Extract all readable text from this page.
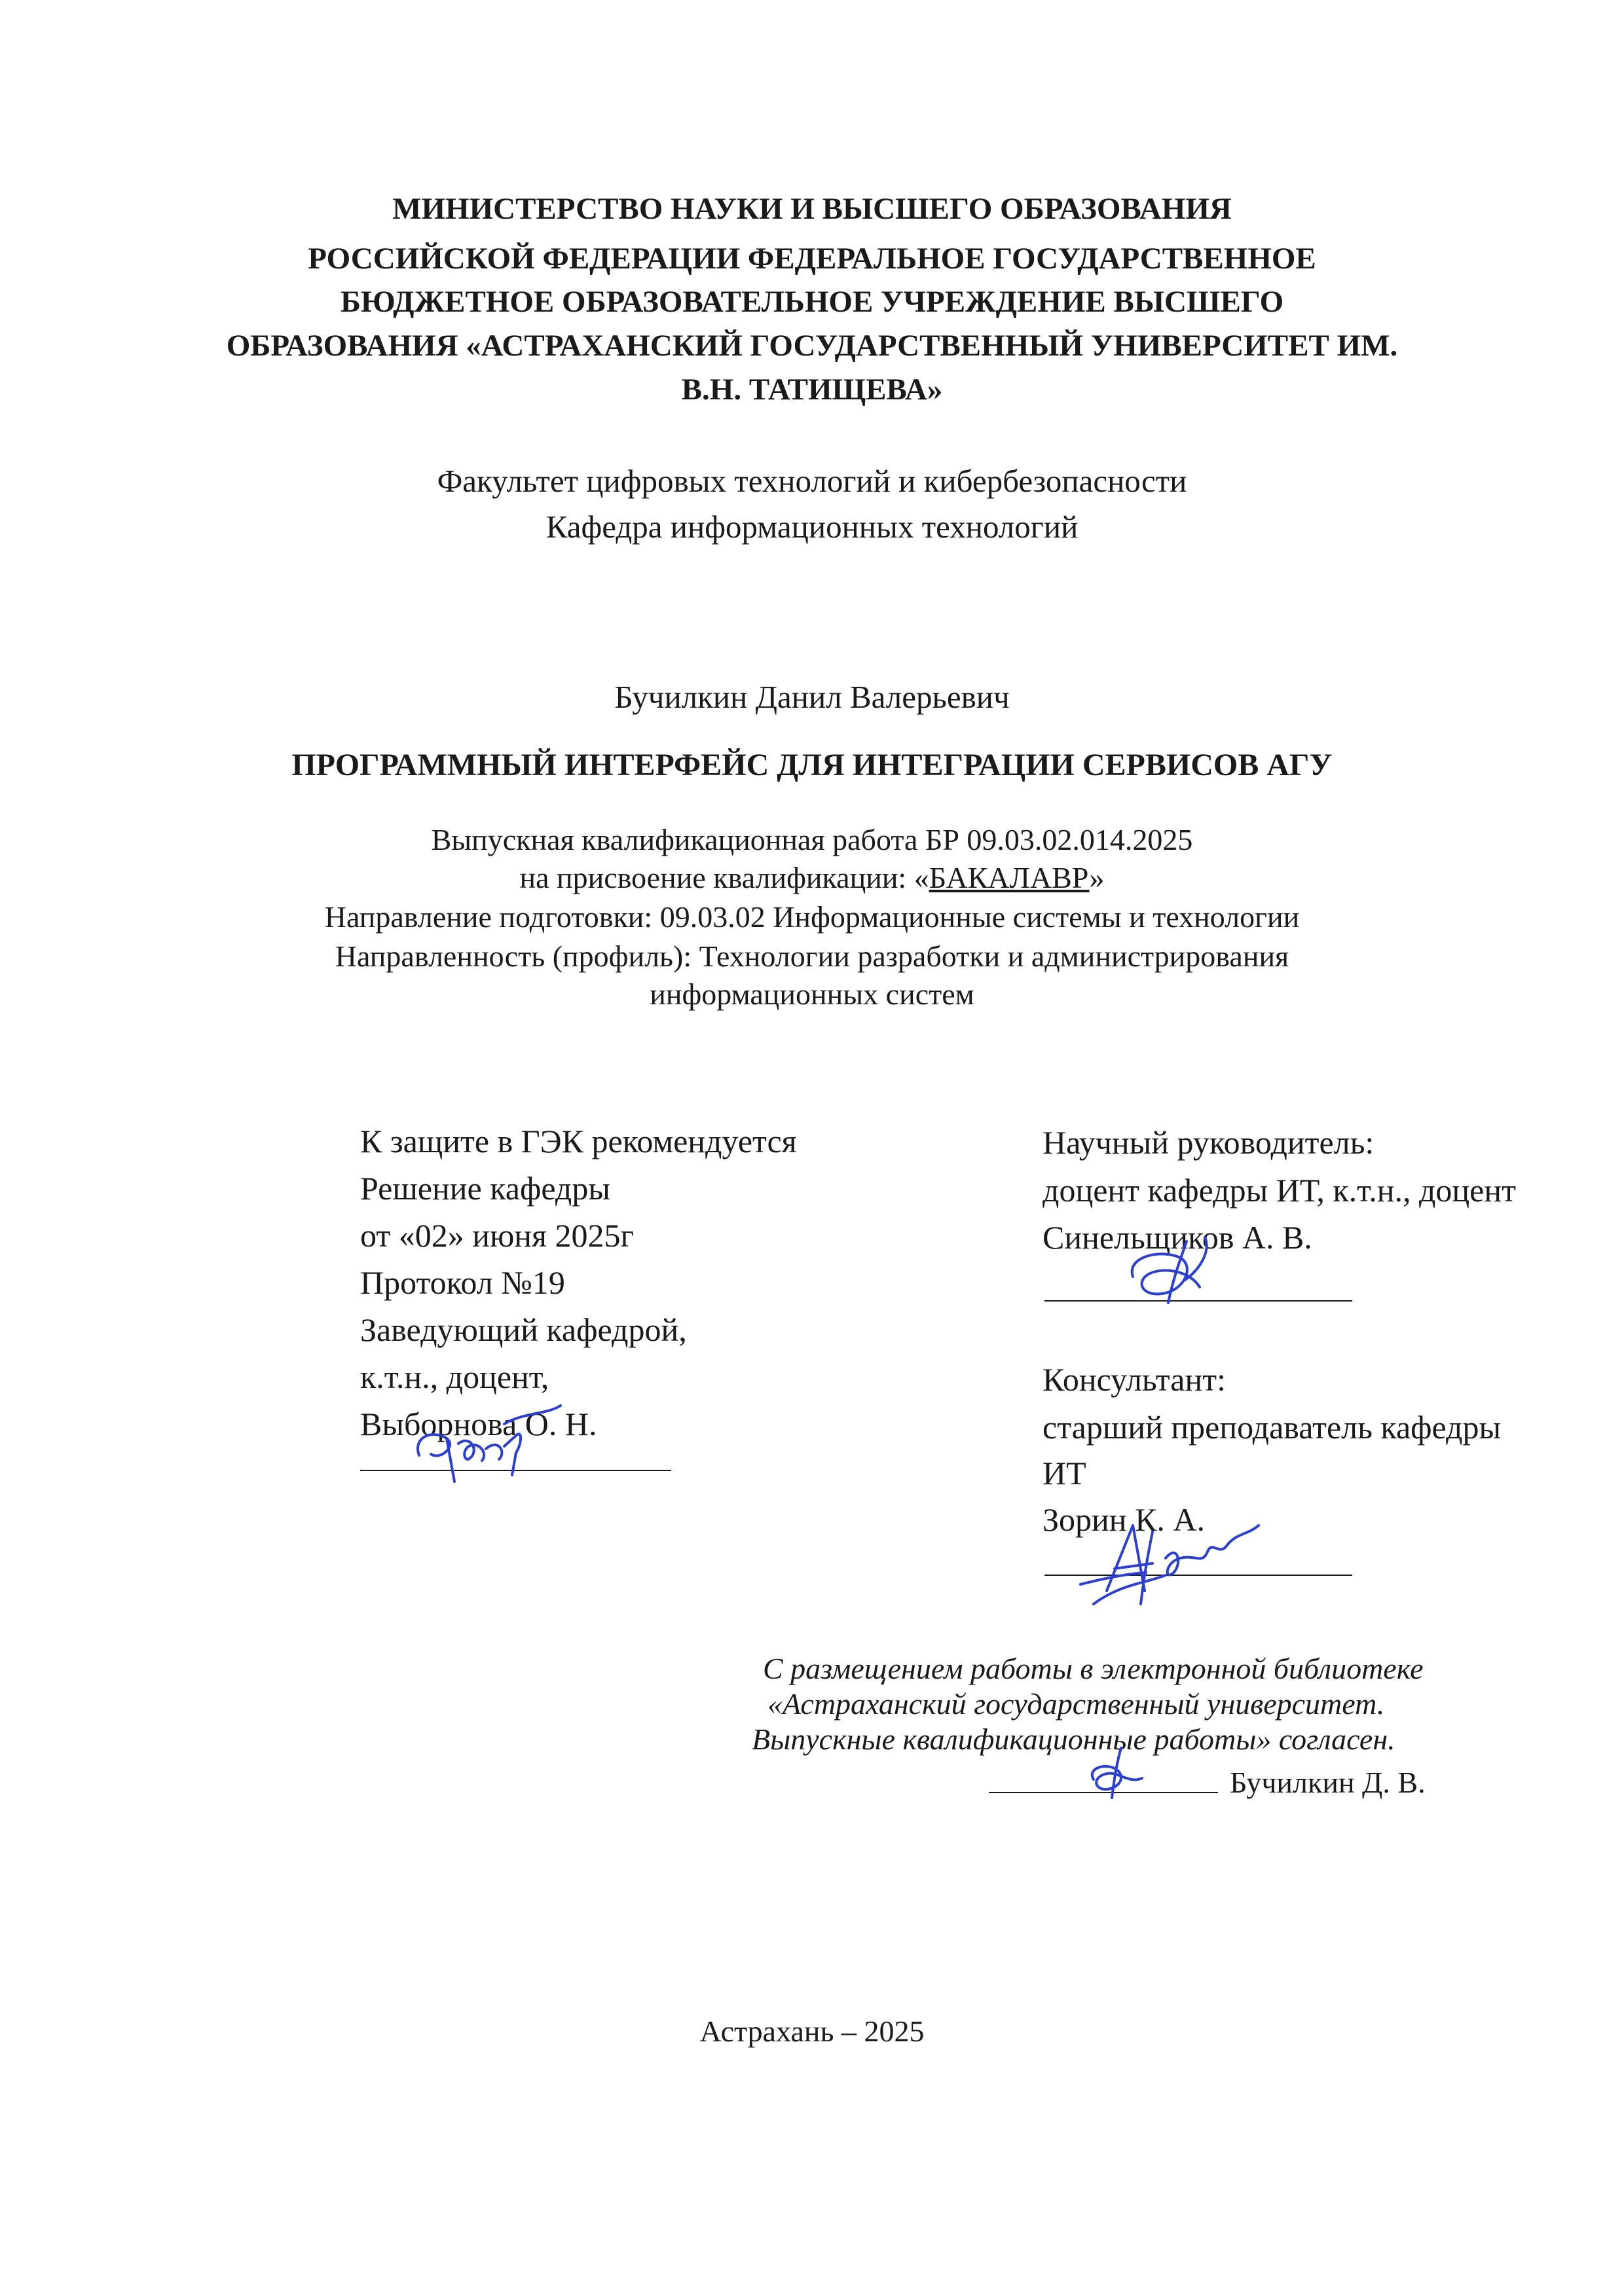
МИНИСТЕРСТВО НАУКИ И ВЫСШЕГО ОБРАЗОВАНИЯ
РОССИЙСКОЙ ФЕДЕРАЦИИ ФЕДЕРАЛЬНОЕ ГОСУДАРСТВЕННОЕ
БЮДЖЕТНОЕ ОБРАЗОВАТЕЛЬНОЕ УЧРЕЖДЕНИЕ ВЫСШЕГО
ОБРАЗОВАНИЯ «АСТРАХАНСКИЙ ГОСУДАРСТВЕННЫЙ УНИВЕРСИТЕТ ИМ.
В.Н. ТАТИЩЕВА»
Факультет цифровых технологий и кибербезопасности
Кафедра информационных технологий
Бучилкин Данил Валерьевич
ПРОГРАММНЫЙ ИНТЕРФЕЙС ДЛЯ ИНТЕГРАЦИИ СЕРВИСОВ АГУ
Выпускная квалификационная работа БР 09.03.02.014.2025
на присвоение квалификации: «БАКАЛАВР»
Направление подготовки: 09.03.02 Информационные системы и технологии
Направленность (профиль): Технологии разработки и администрирования
информационных систем
К защите в ГЭК рекомендуется
Решение кафедры
от «02» июня 2025г
Протокол №19
Заведующий кафедрой,
к.т.н., доцент,
Выборнова О. Н.
Научный руководитель:
доцент кафедры ИТ, к.т.н., доцент
Синельщиков А. В.
Консультант:
старший преподаватель кафедры
ИТ
Зорин К. А.
С размещением работы в электронной библиотеке
«Астраханский государственный университет.
Выпускные квалификационные работы» согласен.
Бучилкин Д. В.
Астрахань – 2025
